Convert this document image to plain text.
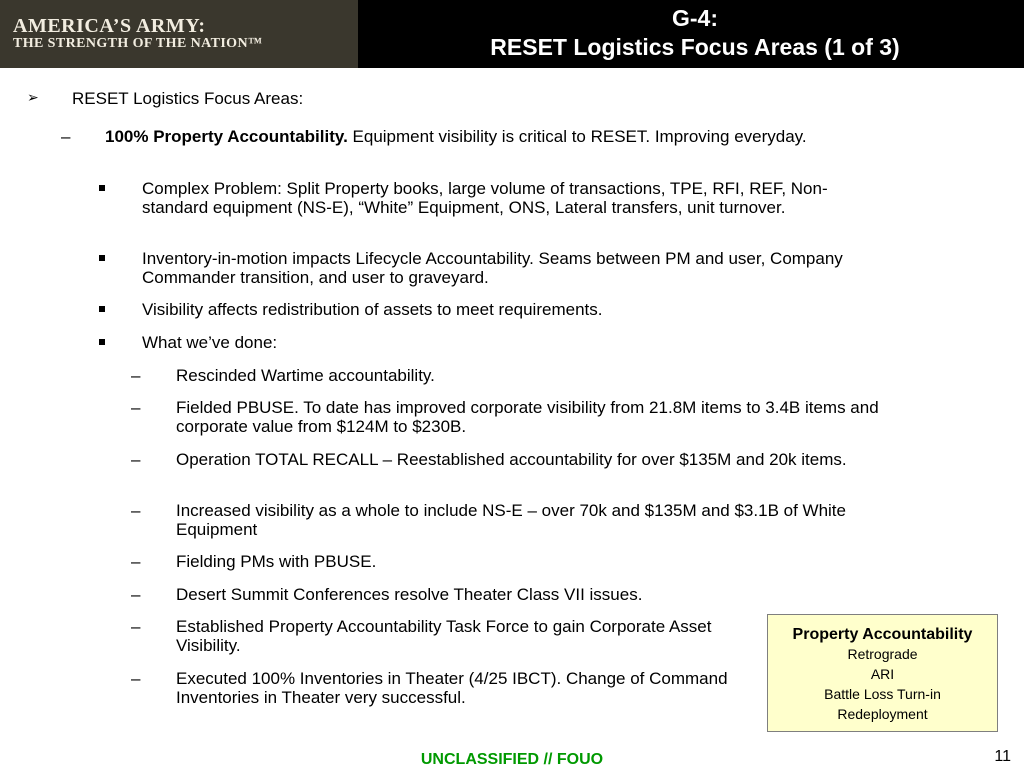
AMERICA’S ARMY:
THE STRENGTH OF THE NATION™
G-4:
RESET Logistics Focus Areas (1 of 3)
➢ RESET Logistics Focus Areas:
– 100% Property Accountability. Equipment visibility is critical to RESET. Improving everyday.
Complex Problem: Split Property books, large volume of transactions, TPE, RFI, REF, Non-standard equipment (NS-E), “White” Equipment, ONS, Lateral transfers, unit turnover.
Inventory-in-motion impacts Lifecycle Accountability. Seams between PM and user, Company Commander transition, and user to graveyard.
Visibility affects redistribution of assets to meet requirements.
What we’ve done:
– Rescinded Wartime accountability.
– Fielded PBUSE. To date has improved corporate visibility from 21.8M items to 3.4B items and corporate value from $124M to $230B.
– Operation TOTAL RECALL – Reestablished accountability for over $135M and 20k items.
– Increased visibility as a whole to include NS-E – over 70k and $135M and $3.1B of White Equipment
– Fielding PMs with PBUSE.
– Desert Summit Conferences resolve Theater Class VII issues.
– Established Property Accountability Task Force to gain Corporate Asset Visibility.
– Executed 100% Inventories in Theater (4/25 IBCT). Change of Command Inventories in Theater very successful.
Property Accountability
Retrograde
ARI
Battle Loss Turn-in
Redeployment
UNCLASSIFIED // FOUO	11
